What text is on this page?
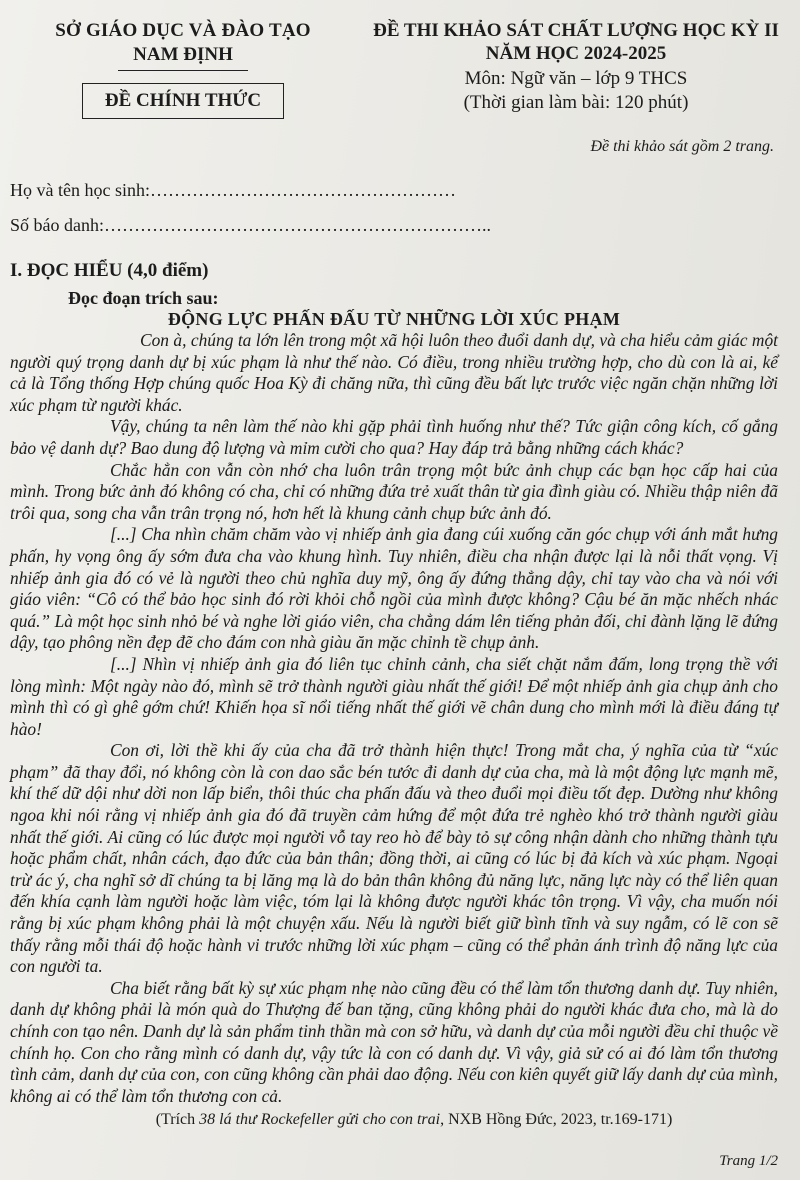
SỞ GIÁO DỤC VÀ ĐÀO TẠO
NAM ĐỊNH
ĐỀ CHÍNH THỨC
ĐỀ THI KHẢO SÁT CHẤT LƯỢNG HỌC KỲ II
NĂM HỌC 2024-2025
Môn: Ngữ văn – lớp 9 THCS
(Thời gian làm bài: 120 phút)
Đề thi khảo sát gồm 2 trang.
Họ và tên học sinh:……………………………………………
Số báo danh:………………………………………………………..
I. ĐỌC HIỂU (4,0 điểm)
Đọc đoạn trích sau:
ĐỘNG LỰC PHẤN ĐẤU TỪ NHỮNG LỜI XÚC PHẠM

Con à, chúng ta lớn lên trong một xã hội luôn theo đuổi danh dự, và cha hiểu cảm giác một người quý trọng danh dự bị xúc phạm là như thế nào. Có điều, trong nhiều trường hợp, cho dù con là ai, kể cả là Tổng thống Hợp chúng quốc Hoa Kỳ đi chăng nữa, thì cũng đều bất lực trước việc ngăn chặn những lời xúc phạm từ người khác.

Vậy, chúng ta nên làm thế nào khi gặp phải tình huống như thế? Tức giận công kích, cố gắng bảo vệ danh dự? Bao dung độ lượng và mỉm cười cho qua? Hay đáp trả bằng những cách khác?

Chắc hẳn con vẫn còn nhớ cha luôn trân trọng một bức ảnh chụp các bạn học cấp hai của mình. Trong bức ảnh đó không có cha, chỉ có những đứa trẻ xuất thân từ gia đình giàu có. Nhiều thập niên đã trôi qua, song cha vẫn trân trọng nó, hơn hết là khung cảnh chụp bức ảnh đó.

[...] Cha nhìn chăm chăm vào vị nhiếp ảnh gia đang cúi xuống căn góc chụp với ánh mắt hưng phấn, hy vọng ông ấy sớm đưa cha vào khung hình. Tuy nhiên, điều cha nhận được lại là nỗi thất vọng. Vị nhiếp ảnh gia đó có vẻ là người theo chủ nghĩa duy mỹ, ông ấy đứng thẳng dậy, chỉ tay vào cha và nói với giáo viên: “Cô có thể bảo học sinh đó rời khỏi chỗ ngồi của mình được không? Cậu bé ăn mặc nhếch nhác quá.” Là một học sinh nhỏ bé và nghe lời giáo viên, cha chẳng dám lên tiếng phản đối, chỉ đành lặng lẽ đứng dậy, tạo phông nền đẹp đẽ cho đám con nhà giàu ăn mặc chỉnh tề chụp ảnh.

[...] Nhìn vị nhiếp ảnh gia đó liên tục chỉnh cảnh, cha siết chặt nắm đấm, long trọng thề với lòng mình: Một ngày nào đó, mình sẽ trở thành người giàu nhất thế giới! Để một nhiếp ảnh gia chụp ảnh cho mình thì có gì ghê gớm chứ! Khiến họa sĩ nổi tiếng nhất thế giới vẽ chân dung cho mình mới là điều đáng tự hào!

Con ơi, lời thề khi ấy của cha đã trở thành hiện thực! Trong mắt cha, ý nghĩa của từ “xúc phạm” đã thay đổi, nó không còn là con dao sắc bén tước đi danh dự của cha, mà là một động lực mạnh mẽ, khí thế dữ dội như dời non lấp biển, thôi thúc cha phấn đấu và theo đuổi mọi điều tốt đẹp. Dường như không ngoa khi nói rằng vị nhiếp ảnh gia đó đã truyền cảm hứng để một đứa trẻ nghèo khó trở thành người giàu nhất thế giới. Ai cũng có lúc được mọi người vỗ tay reo hò để bày tỏ sự công nhận dành cho những thành tựu hoặc phẩm chất, nhân cách, đạo đức của bản thân; đồng thời, ai cũng có lúc bị đả kích và xúc phạm. Ngoại trừ ác ý, cha nghĩ sở dĩ chúng ta bị lăng mạ là do bản thân không đủ năng lực, năng lực này có thể liên quan đến khía cạnh làm người hoặc làm việc, tóm lại là không được người khác tôn trọng. Vì vậy, cha muốn nói rằng bị xúc phạm không phải là một chuyện xấu. Nếu là người biết giữ bình tĩnh và suy ngẫm, có lẽ con sẽ thấy rằng mỗi thái độ hoặc hành vi trước những lời xúc phạm – cũng có thể phản ánh trình độ năng lực của con người ta.

Cha biết rằng bất kỳ sự xúc phạm nhẹ nào cũng đều có thể làm tổn thương danh dự. Tuy nhiên, danh dự không phải là món quà do Thượng đế ban tặng, cũng không phải do người khác đưa cho, mà là do chính con tạo nên. Danh dự là sản phẩm tinh thần mà con sở hữu, và danh dự của mỗi người đều chỉ thuộc về chính họ. Con cho rằng mình có danh dự, vậy tức là con có danh dự. Vì vậy, giả sử có ai đó làm tổn thương tình cảm, danh dự của con, con cũng không cần phải dao động. Nếu con kiên quyết giữ lấy danh dự của mình, không ai có thể làm tổn thương con cả.

(Trích 38 lá thư Rockefeller gửi cho con trai, NXB Hồng Đức, 2023, tr.169-171)
Trang 1/2
